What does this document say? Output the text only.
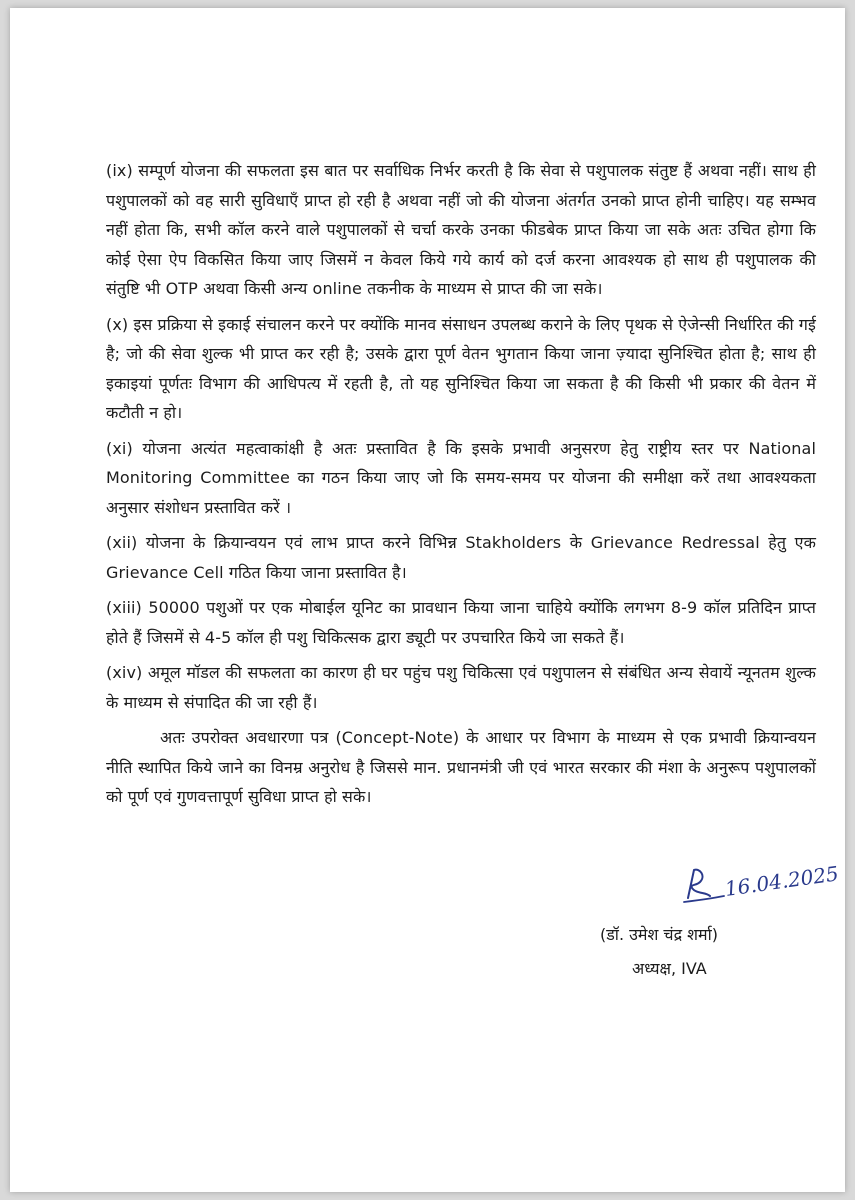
(ix) सम्पूर्ण योजना की सफलता इस बात पर सर्वाधिक निर्भर करती है कि सेवा से पशुपालक संतुष्ट हैं अथवा नहीं। साथ ही पशुपालकों को वह सारी सुविधाएँ प्राप्त हो रही है अथवा नहीं जो की योजना अंतर्गत उनको प्राप्त होनी चाहिए। यह सम्भव नहीं होता कि, सभी कॉल करने वाले पशुपालकों से चर्चा करके उनका फीडबेक प्राप्त किया जा सके अतः उचित होगा कि कोई ऐसा ऐप विकसित किया जाए जिसमें न केवल किये गये कार्य को दर्ज करना आवश्यक हो साथ ही पशुपालक की संतुष्टि भी OTP अथवा किसी अन्य online तकनीक के माध्यम से प्राप्त की जा सके।

(x) इस प्रक्रिया से इकाई संचालन करने पर क्योंकि मानव संसाधन उपलब्ध कराने के लिए पृथक से ऐजेन्सी निर्धारित की गई है; जो की सेवा शुल्क भी प्राप्त कर रही है; उसके द्वारा पूर्ण वेतन भुगतान किया जाना ज़्यादा सुनिश्चित होता है; साथ ही इकाइयां पूर्णतः विभाग की आधिपत्य में रहती है, तो यह सुनिश्चित किया जा सकता है की किसी भी प्रकार की वेतन में कटौती न हो।

(xi) योजना अत्यंत महत्वाकांक्षी है अतः प्रस्तावित है कि इसके प्रभावी अनुसरण हेतु राष्ट्रीय स्तर पर National Monitoring Committee का गठन किया जाए जो कि समय-समय पर योजना की समीक्षा करें तथा आवश्यकता अनुसार संशोधन प्रस्तावित करें ।

(xii) योजना के क्रियान्वयन एवं लाभ प्राप्त करने विभिन्न Stakholders के Grievance Redressal हेतु एक Grievance Cell गठित किया जाना प्रस्तावित है।

(xiii) 50000 पशुओं पर एक मोबाईल यूनिट का प्रावधान किया जाना चाहिये क्योंकि लगभग 8-9 कॉल प्रतिदिन प्राप्त होते हैं जिसमें से 4-5 कॉल ही पशु चिकित्सक द्वारा ड्यूटी पर उपचारित किये जा सकते हैं।

(xiv) अमूल मॉडल की सफलता का कारण ही घर पहुंच पशु चिकित्सा एवं पशुपालन से संबंधित अन्य सेवायें न्यूनतम शुल्क के माध्यम से संपादित की जा रही हैं।

अतः उपरोक्त अवधारणा पत्र (Concept-Note) के आधार पर विभाग के माध्यम से एक प्रभावी क्रियान्वयन नीति स्थापित किये जाने का विनम्र अनुरोध है जिससे मान. प्रधानमंत्री जी एवं भारत सरकार की मंशा के अनुरूप पशुपालकों को पूर्ण एवं गुणवत्तापूर्ण सुविधा प्राप्त हो सके।

16.04.2025
(डॉ. उमेश चंद्र शर्मा)
अध्यक्ष, IVA
